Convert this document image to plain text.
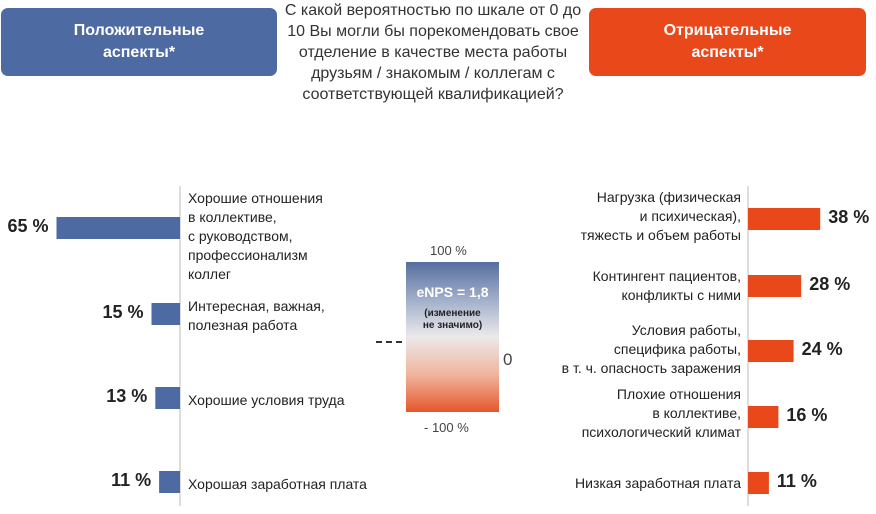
Положительные
аспекты*
Отрицательные
аспекты*
С какой вероятностью по шкале от 0 до 10 Вы могли бы порекомендовать свое отделение в качестве места работы друзьям / знакомым / коллегам с соответствующей квалификацией?
eNPS = 1,8
(изменение
не значимо)
100 %
- 100 %
0
65 %
Хорошие отношения
в коллективе,
с руководством,
профессионализм
коллег
15 %	Интересная, важная,
полезная работа
13 %	Хорошие условия труда
11 %	Хорошая заработная плата
38 %
Нагрузка (физическая
и психическая),
тяжесть и объем работы
28 %
Контингент пациентов,
конфликты с ними
24 %
Условия работы,
специфика работы,
в т. ч. опасность заражения
16 %
Плохие отношения
в коллективе,
психологический климат
11 %
Низкая заработная плата
